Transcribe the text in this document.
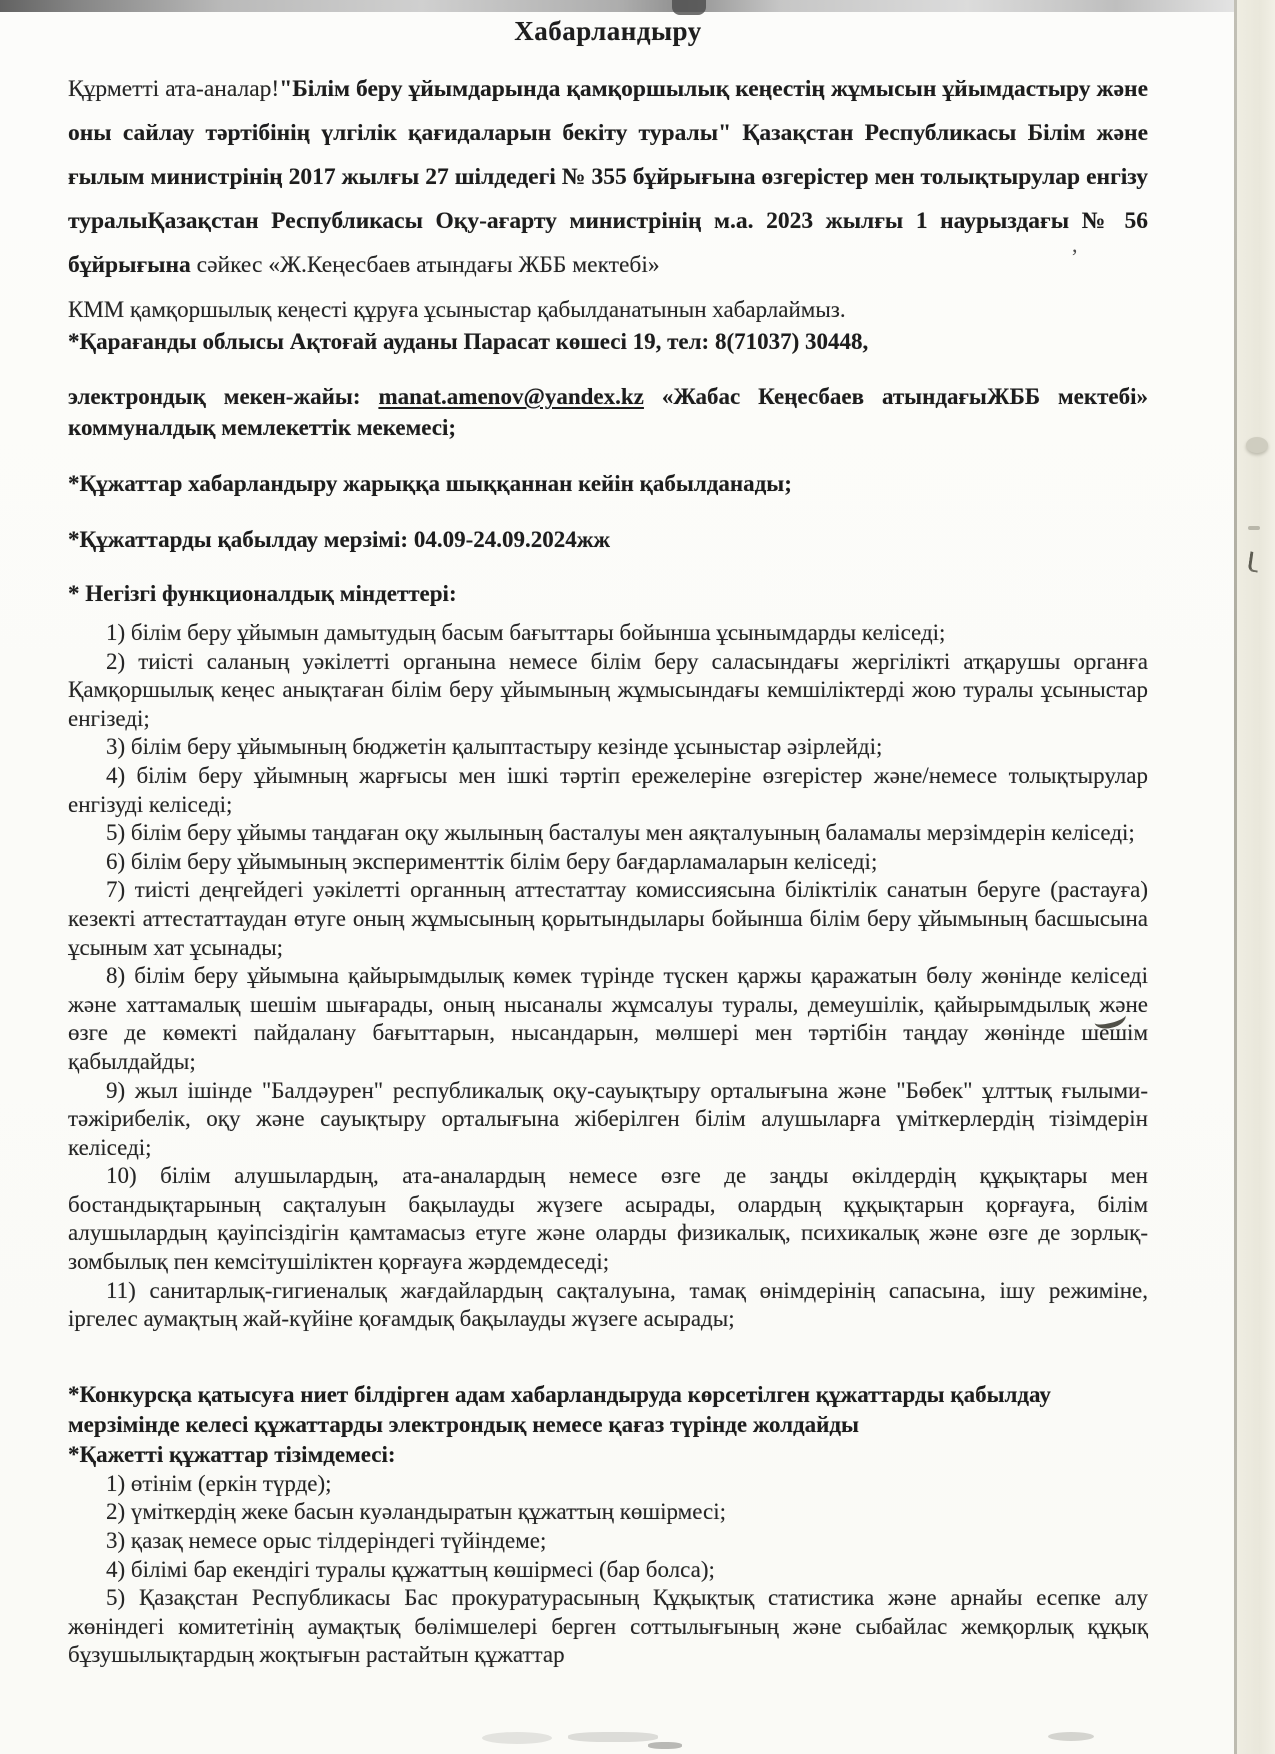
,
Хабарландыру

Құрметті ата-аналар!"Білім беру ұйымдарында қамқоршылық кеңестің жұмысын ұйымдастыру және оны сайлау тәртібінің үлгілік қағидаларын бекіту туралы" Қазақстан Республикасы Білім және ғылым министрінің 2017 жылғы 27 шілдедегі № 355 бұйрығына өзгерістер мен толықтырулар енгізу туралыҚазақстан Республикасы Оқу-ағарту министрінің м.а. 2023 жылғы 1 наурыздағы № 56 бұйрығына сәйкес «Ж.Кеңесбаев атындағы ЖББ мектебі»

КММ қамқоршылық кеңесті құруға ұсыныстар қабылданатынын хабарлаймыз.

*Қарағанды облысы Ақтоғай ауданы Парасат көшесі 19, тел: 8(71037) 30448,

электрондық мекен-жайы: manat.amenov@yandex.kz «Жабас Кеңесбаев атындағыЖББ мектебі» коммуналдық мемлекеттік мекемесі;

*Құжаттар хабарландыру жарыққа шыққаннан кейін қабылданады;

*Құжаттарды қабылдау мерзімі: 04.09-24.09.2024жж

* Негізгі функционалдық міндеттері:

1) білім беру ұйымын дамытудың басым бағыттары бойынша ұсынымдарды келіседі;

2) тиісті саланың уәкілетті органына немесе білім беру саласындағы жергілікті атқарушы органға Қамқоршылық кеңес анықтаған білім беру ұйымының жұмысындағы кемшіліктерді жою туралы ұсыныстар енгізеді;

3) білім беру ұйымының бюджетін қалыптастыру кезінде ұсыныстар әзірлейді;

4) білім беру ұйымның жарғысы мен ішкі тәртіп ережелеріне өзгерістер және/немесе толықтырулар енгізуді келіседі;

5) білім беру ұйымы таңдаған оқу жылының басталуы мен аяқталуының баламалы мерзімдерін келіседі;

6) білім беру ұйымының эксперименттік білім беру бағдарламаларын келіседі;

7) тиісті деңгейдегі уәкілетті органның аттестаттау комиссиясына біліктілік санатын беруге (растауға) кезекті аттестаттаудан өтуге оның жұмысының қорытындылары бойынша білім беру ұйымының басшысына ұсыным хат ұсынады;

8) білім беру ұйымына қайырымдылық көмек түрінде түскен қаржы қаражатын бөлу жөнінде келіседі және хаттамалық шешім шығарады, оның нысаналы жұмсалуы туралы, демеушілік, қайырымдылық және өзге де көмекті пайдалану бағыттарын, нысандарын, мөлшері мен тәртібін таңдау жөнінде шешім қабылдайды;

9) жыл ішінде "Балдәурен" республикалық оқу-сауықтыру орталығына және "Бөбек" ұлттық ғылыми-тәжірибелік, оқу және сауықтыру орталығына жіберілген білім алушыларға үміткерлердің тізімдерін келіседі;

10) білім алушылардың, ата-аналардың немесе өзге де заңды өкілдердің құқықтары мен бостандықтарының сақталуын бақылауды жүзеге асырады, олардың құқықтарын қорғауға, білім алушылардың қауіпсіздігін қамтамасыз етуге және оларды физикалық, психикалық және өзге де зорлық-зомбылық пен кемсітушіліктен қорғауға жәрдемдеседі;

11) санитарлық-гигиеналық жағдайлардың сақталуына, тамақ өнімдерінің сапасына, ішу режиміне, іргелес аумақтың жай-күйіне қоғамдық бақылауды жүзеге асырады;

*Конкурсқа қатысуға ниет білдірген адам хабарландыруда көрсетілген құжаттарды қабылдау мерзімінде келесі құжаттарды электрондық немесе қағаз түрінде жолдайды

*Қажетті құжаттар тізімдемесі:

1) өтінім (еркін түрде);

2) үміткердің жеке басын куәландыратын құжаттың көшірмесі;

3) қазақ немесе орыс тілдеріндегі түйіндеме;

4) білімі бар екендігі туралы құжаттың көшірмесі (бар болса);

5) Қазақстан Республикасы Бас прокуратурасының Құқықтық статистика және арнайы есепке алу жөніндегі комитетінің аумақтық бөлімшелері берген соттылығының және сыбайлас жемқорлық құқық бұзушылықтардың жоқтығын растайтын құжаттар
